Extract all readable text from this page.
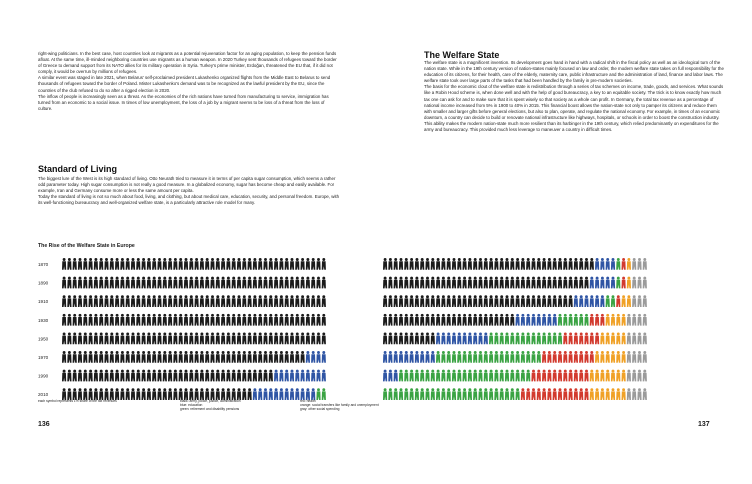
right-wing politicians. In the best case, host countries look at migrants as a potential rejuvenation factor for an aging population, to keep the pension funds afloat. At the same time, ill-minded neighboring countries use migrants as a human weapon. In 2020 Turkey sent thousands of refugees toward the border of Greece to demand support from its NATO allies for its military operation in Syria. Turkey's prime minister, Erdoğan, threatened the EU that, if it did not comply, it would be overrun by millions of refugees.

A similar event was staged in late 2021, when Belarus' self-proclaimed president Lukashenko organized flights from the Middle East to Belarus to send thousands of refugees toward the border of Poland. Mister Lukashenko's demand was to be recognized as the lawful president by the EU, since the countries of the club refused to do so after a rigged election in 2020.

The inflow of people is increasingly seen as a threat. As the economies of the rich nations have turned from manufacturing to service, immigration has turned from an economic to a social issue. In times of low unemployment, the loss of a job by a migrant seems to be loss of a threat from the loss of culture.

Standard of Living

The biggest lure of the West is its high standard of living. Otto Neurath tried to measure it in terms of per capita sugar consumption, which seems a rather odd parameter today. High sugar consumption is not really a good measure. In a globalized economy, sugar has become cheap and easily available. For example, Iran and Germany consume more or less the same amount per capita.

Today the standard of living is not so much about food, living, and clothing, but about medical care, education, security, and personal freedom. Europe, with its well-functioning bureaucracy and well-organized welfare state, is a particularly attractive role model for many.

The Welfare State

The welfare state is a magnificent invention. Its development goes hand in hand with a radical shift in the fiscal policy as well as an ideological turn of the nation state. While in the 19th century version of nation-states mainly focused on law and order, the modern welfare state takes on full responsibility for the education of its citizens, for their health, care of the elderly, maternity care, public infrastructure and the administration of land, finance and labor laws. The welfare state took over large parts of the tasks that had been handled by the family in pre-modern societies.

The basis for the economic clout of the welfare state is redistribution through a series of tax schemes on income, trade, goods, and services. What sounds like a Robin Hood scheme is, when done well and with the help of good bureaucracy, a key to an equitable society. The trick is to know exactly how much tax one can ask for and to make sure that it is spent wisely so that society as a whole can profit. In Germany, the total tax revenue as a percentage of national income increased from 5% in 1900 to 40% in 2015. This financial boost allows the nation-state not only to pamper its citizens and reduce them with smaller and larger gifts before general elections, but also to plan, operate, and regulate the national economy. For example, in times of an economic downturn, a country can decide to build or renovate national infrastructure like highways, hospitals, or schools in order to boost the construction industry.

This ability makes the modern nation-state much more resilient than its harbinger in the 19th century, which relied predominantly on expenditures for the army and bureaucracy. This provided much less leverage to maneuver a country in difficult times.

The Rise of the Welfare State in Europe
1870
1890
1910
1930
1950
1970
1990
2010
each symbol represents 1% share of the tax revenues	black: army, police, justice, administration
blue: education
green: retirement and disability pensions
red: health
orange: social transfers like family and unemployment
gray: other social spending
136	137
